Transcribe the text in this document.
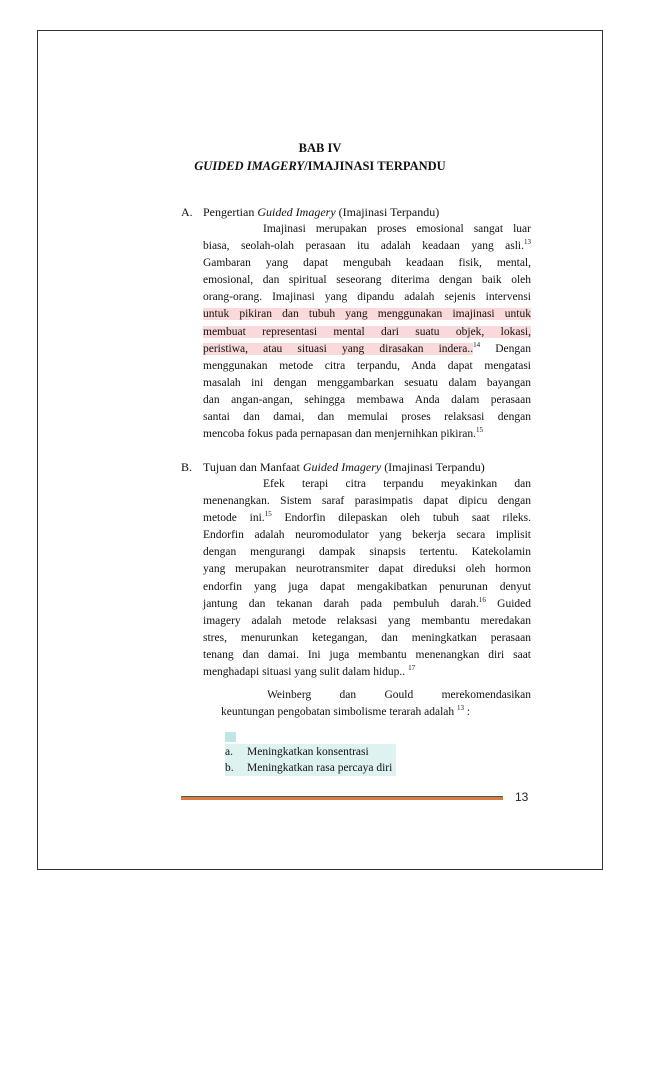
BAB IV
GUIDED IMAGERY/IMAJINASI TERPANDU
A. Pengertian Guided Imagery (Imajinasi Terpandu)
Imajinasi merupakan proses emosional sangat luar
biasa, seolah-olah perasaan itu adalah keadaan yang asli.$^{13}$
Gambaran yang dapat mengubah keadaan fisik, mental,
emosional, dan spiritual seseorang diterima dengan baik oleh
orang-orang. Imajinasi yang dipandu adalah sejenis intervensi
untuk pikiran dan tubuh yang menggunakan imajinasi untuk
membuat representasi mental dari suatu objek, lokasi,
peristiwa, atau situasi yang dirasakan indera..$^{14}$ Dengan
menggunakan metode citra terpandu, Anda dapat mengatasi
masalah ini dengan menggambarkan sesuatu dalam bayangan
dan angan-angan, sehingga membawa Anda dalam perasaan
santai dan damai, dan memulai proses relaksasi dengan
mencoba fokus pada pernapasan dan menjernihkan pikiran.$^{15}$
B. Tujuan dan Manfaat Guided Imagery (Imajinasi Terpandu)
Efek terapi citra terpandu meyakinkan dan
menenangkan. Sistem saraf parasimpatis dapat dipicu dengan
metode ini.$^{15}$ Endorfin dilepaskan oleh tubuh saat rileks.
Endorfin adalah neuromodulator yang bekerja secara implisit
dengan mengurangi dampak sinapsis tertentu. Katekolamin
yang merupakan neurotransmiter dapat direduksi oleh hormon
endorfin yang juga dapat mengakibatkan penurunan denyut
jantung dan tekanan darah pada pembuluh darah.$^{16}$ Guided
imagery adalah metode relaksasi yang membantu meredakan
stres, menurunkan ketegangan, dan meningkatkan perasaan
tenang dan damai. Ini juga membantu menenangkan diri saat
menghadapi situasi yang sulit dalam hidup.. $^{17}$
Weinberg dan Gould merekomendasikan
keuntungan pengobatan simbolisme terarah adalah $^{13}$ :
a. Meningkatkan konsentrasi
b. Meningkatkan rasa percaya diri
13
